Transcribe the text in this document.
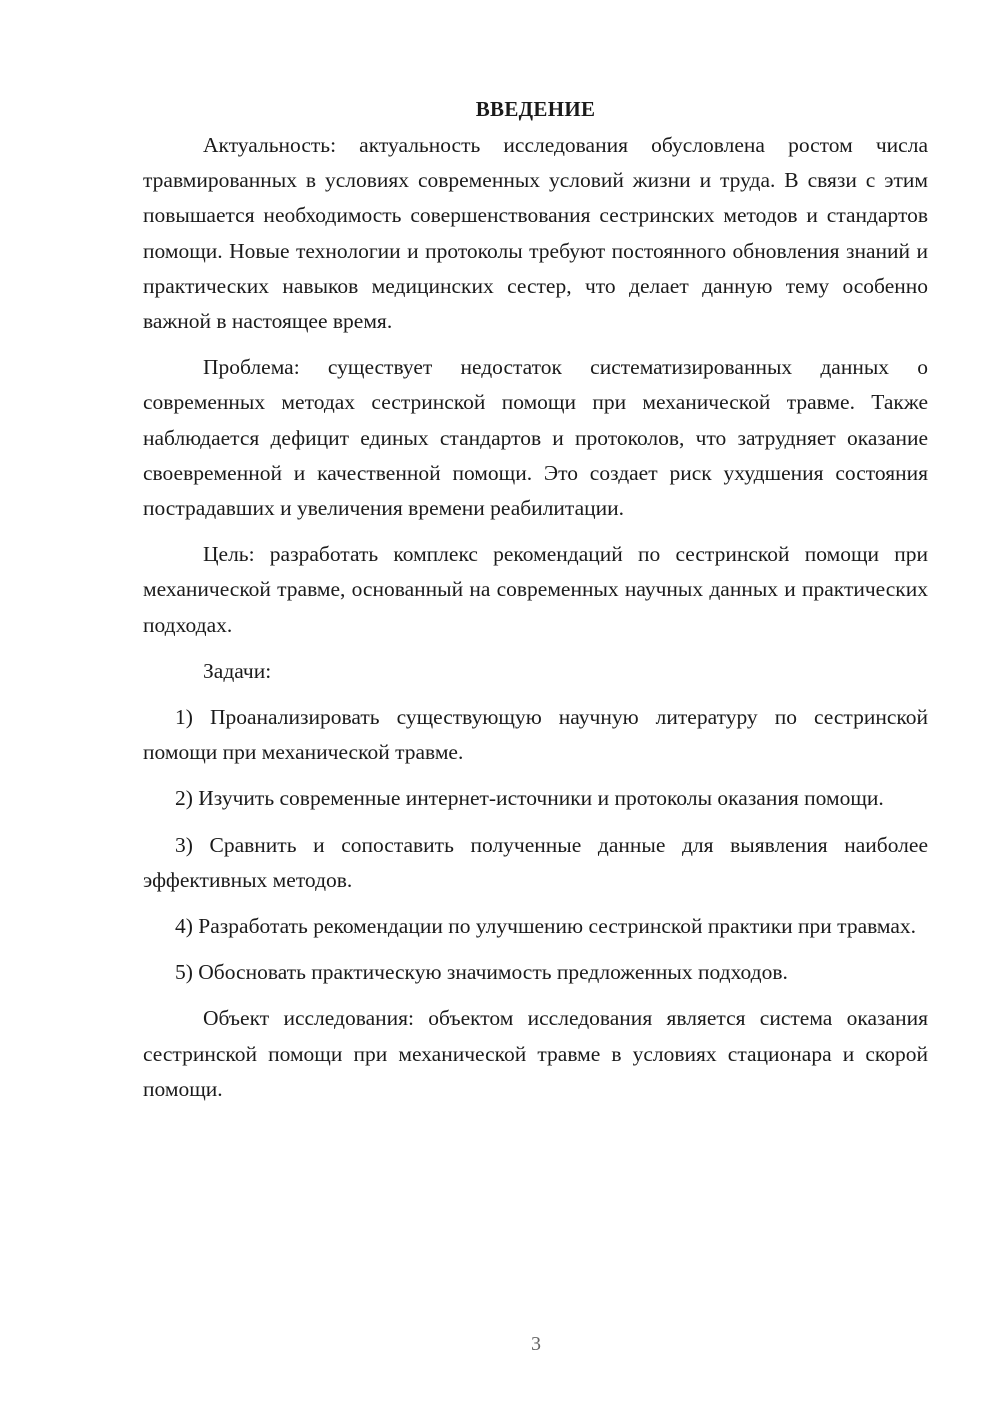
ВВЕДЕНИЕ

Актуальность: актуальность исследования обусловлена ростом числа травмированных в условиях современных условий жизни и труда. В связи с этим повышается необходимость совершенствования сестринских методов и стандартов помощи. Новые технологии и протоколы требуют постоянного обновления знаний и практических навыков медицинских сестер, что делает данную тему особенно важной в настоящее время.

Проблема: существует недостаток систематизированных данных о современных методах сестринской помощи при механической травме. Также наблюдается дефицит единых стандартов и протоколов, что затрудняет оказание своевременной и качественной помощи. Это создает риск ухудшения состояния пострадавших и увеличения времени реабилитации.

Цель: разработать комплекс рекомендаций по сестринской помощи при механической травме, основанный на современных научных данных и практических подходах.

Задачи:

1) Проанализировать существующую научную литературу по сестринской помощи при механической травме.

2) Изучить современные интернет-источники и протоколы оказания помощи.

3) Сравнить и сопоставить полученные данные для выявления наиболее эффективных методов.

4) Разработать рекомендации по улучшению сестринской практики при травмах.

5) Обосновать практическую значимость предложенных подходов.

Объект исследования: объектом исследования является система оказания сестринской помощи при механической травме в условиях стационара и скорой помощи.

3
